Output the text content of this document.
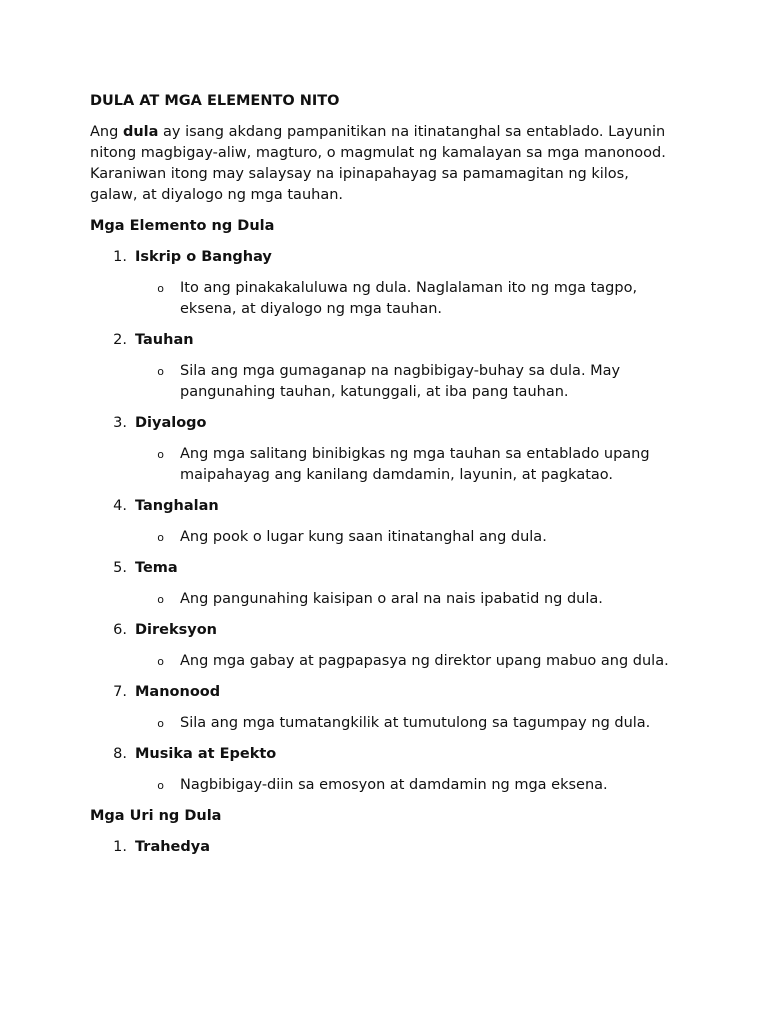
DULA AT MGA ELEMENTO NITO

Ang dula ay isang akdang pampanitikan na itinatanghal sa entablado. Layunin nitong magbigay-aliw, magturo, o magmulat ng kamalayan sa mga manonood. Karaniwan itong may salaysay na ipinapahayag sa pamamagitan ng kilos, galaw, at diyalogo ng mga tauhan.

Mga Elemento ng Dula
1. Iskrip o Banghay
o	Ito ang pinakakaluluwa ng dula. Naglalaman ito ng mga tagpo, eksena, at diyalogo ng mga tauhan.
2. Tauhan
o	Sila ang mga gumaganap na nagbibigay-buhay sa dula. May pangunahing tauhan, katunggali, at iba pang tauhan.
3. Diyalogo
o	Ang mga salitang binibigkas ng mga tauhan sa entablado upang maipahayag ang kanilang damdamin, layunin, at pagkatao.
4. Tanghalan
o	Ang pook o lugar kung saan itinatanghal ang dula.
5. Tema
o	Ang pangunahing kaisipan o aral na nais ipabatid ng dula.
6. Direksyon
o	Ang mga gabay at pagpapasya ng direktor upang mabuo ang dula.
7. Manonood
o	Sila ang mga tumatangkilik at tumutulong sa tagumpay ng dula.
8. Musika at Epekto
o	Nagbibigay-diin sa emosyon at damdamin ng mga eksena.
Mga Uri ng Dula
1. Trahedya
